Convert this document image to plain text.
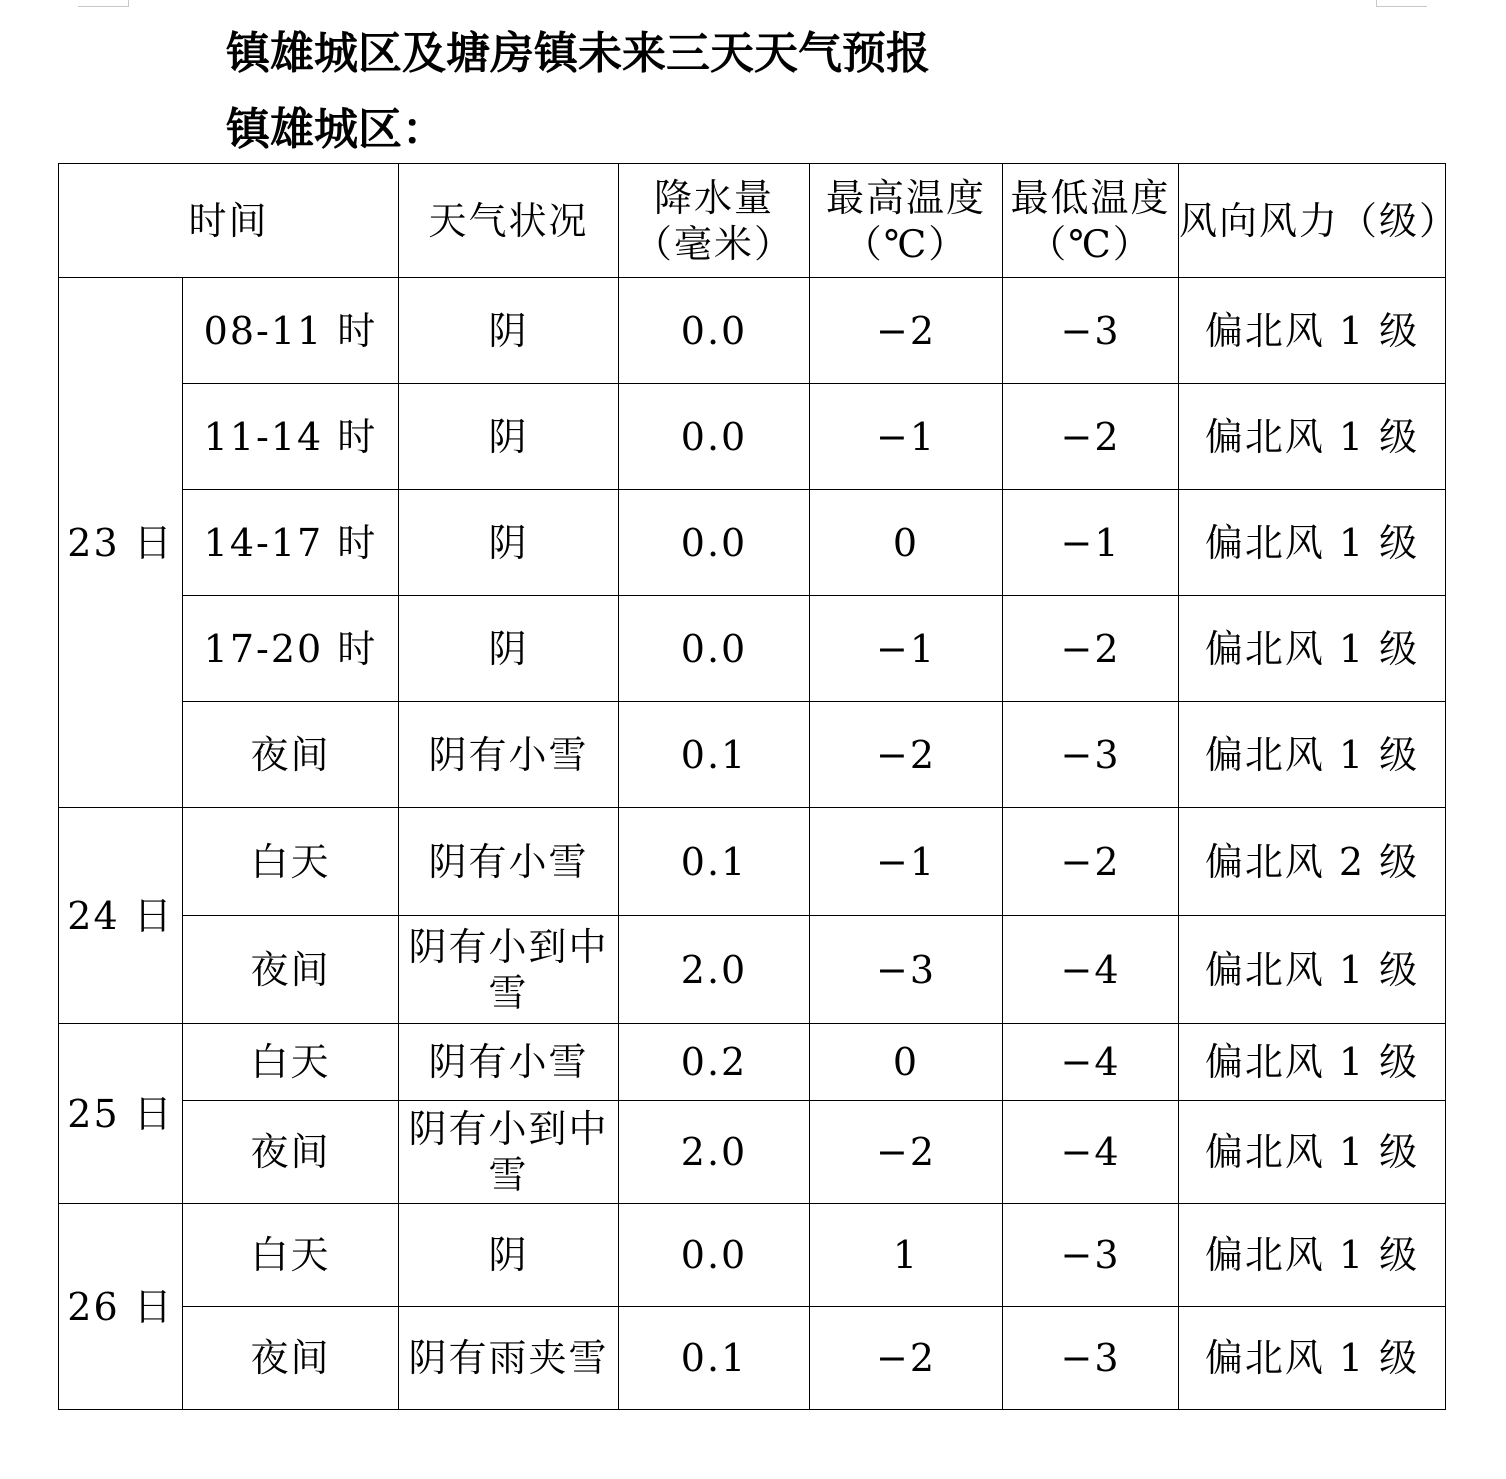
镇雄城区及塘房镇未来三天天气预报
镇雄城区：
时间		天气状况	降水量（毫米）	最高温度（℃）	最低温度（℃）	风向风力（级）
23 日	08-11 时	阴	0.0	−2	−3	偏北风 1 级
	11-14 时	阴	0.0	−1	−2	偏北风 1 级
	14-17 时	阴	0.0	0	−1	偏北风 1 级
	17-20 时	阴	0.0	−1	−2	偏北风 1 级
	夜间	阴有小雪	0.1	−2	−3	偏北风 1 级
24 日	白天	阴有小雪	0.1	−1	−2	偏北风 2 级
	夜间	阴有小到中雪	2.0	−3	−4	偏北风 1 级
25 日	白天	阴有小雪	0.2	0	−4	偏北风 1 级
	夜间	阴有小到中雪	2.0	−2	−4	偏北风 1 级
26 日	白天	阴	0.0	1	−3	偏北风 1 级
	夜间	阴有雨夹雪	0.1	−2	−3	偏北风 1 级
